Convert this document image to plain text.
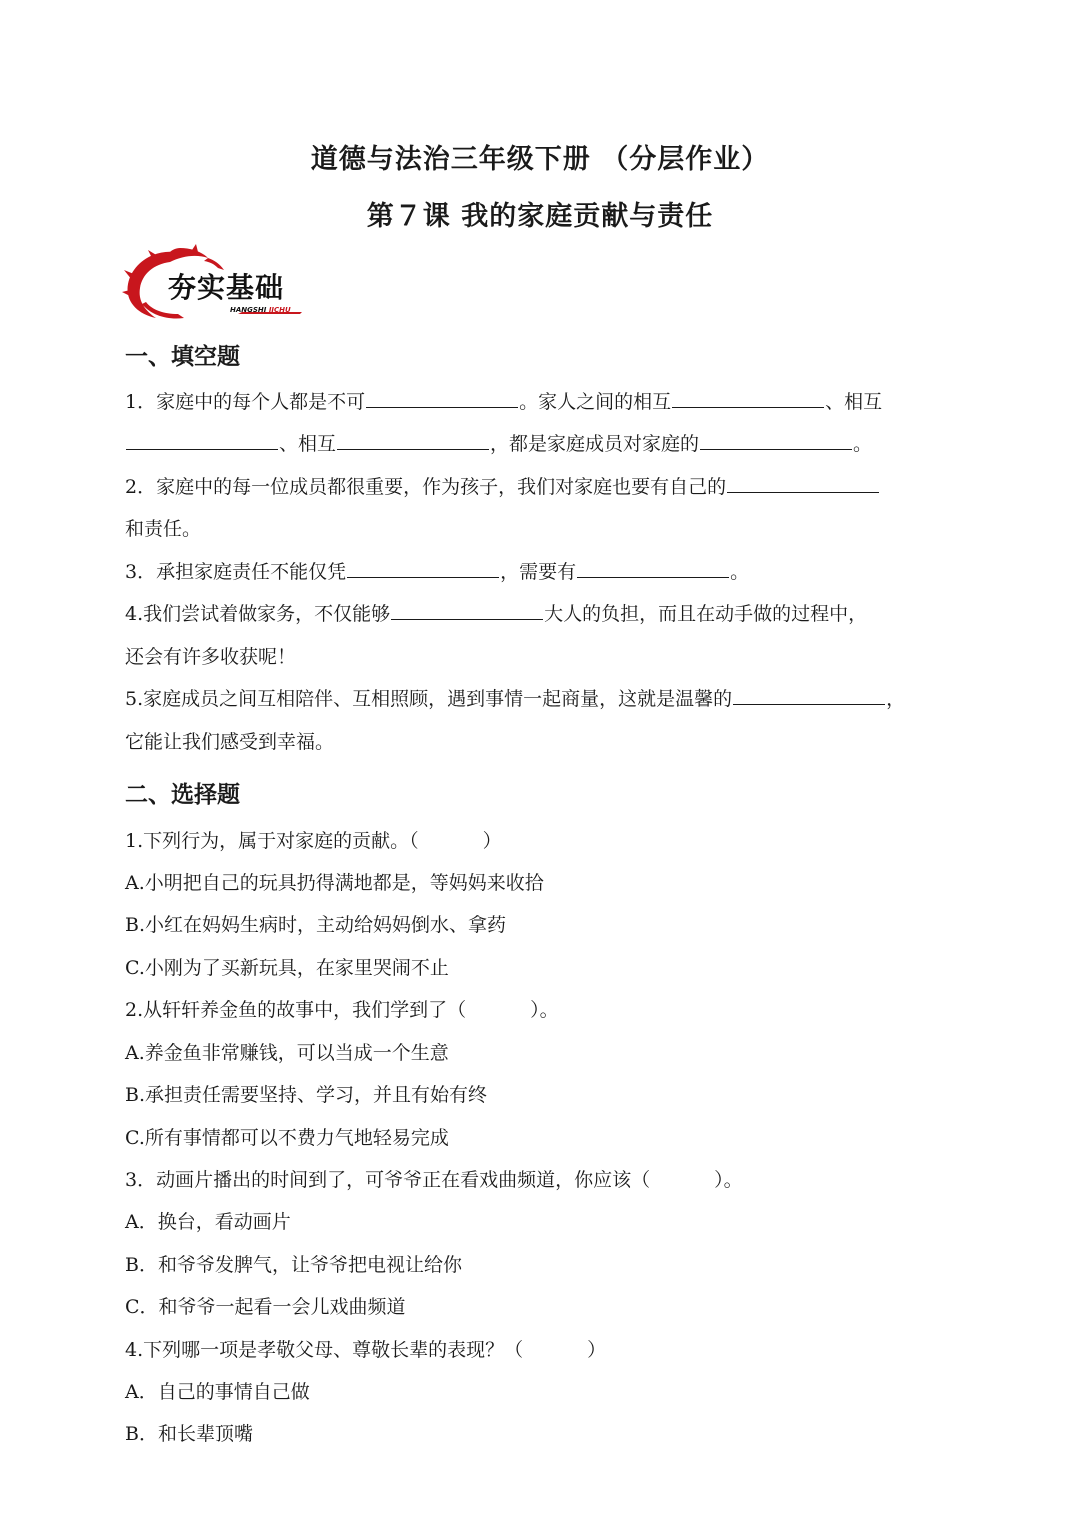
道德与法治三年级下册 （分层作业）
第７课 我的家庭贡献与责任
夯实基础
HANGSHI JICHU
一、填空题
1．家庭中的每个人都是不可	。家人之间的相互	、相互
、相互	，都是家庭成员对家庭的	。
2．家庭中的每一位成员都很重要，作为孩子，我们对家庭也要有自己的
和责任。
3．承担家庭责任不能仅凭	，需要有	。
4.我们尝试着做家务，不仅能够	大人的负担，而且在动手做的过程中，
还会有许多收获呢！
5.家庭成员之间互相陪伴、互相照顾，遇到事情一起商量，这就是温馨的	，
它能让我们感受到幸福。
二、选择题
1.下列行为，属于对家庭的贡献。（	）
A.小明把自己的玩具扔得满地都是，等妈妈来收拾
B.小红在妈妈生病时，主动给妈妈倒水、拿药
C.小刚为了买新玩具，在家里哭闹不止
2.从轩轩养金鱼的故事中，我们学到了（	）。
A.养金鱼非常赚钱，可以当成一个生意
B.承担责任需要坚持、学习，并且有始有终
C.所有事情都可以不费力气地轻易完成
3．动画片播出的时间到了，可爷爷正在看戏曲频道，你应该（	）。
A．换台，看动画片
B．和爷爷发脾气，让爷爷把电视让给你
C．和爷爷一起看一会儿戏曲频道
4.下列哪一项是孝敬父母、尊敬长辈的表现？（	）
A．自己的事情自己做
B．和长辈顶嘴
